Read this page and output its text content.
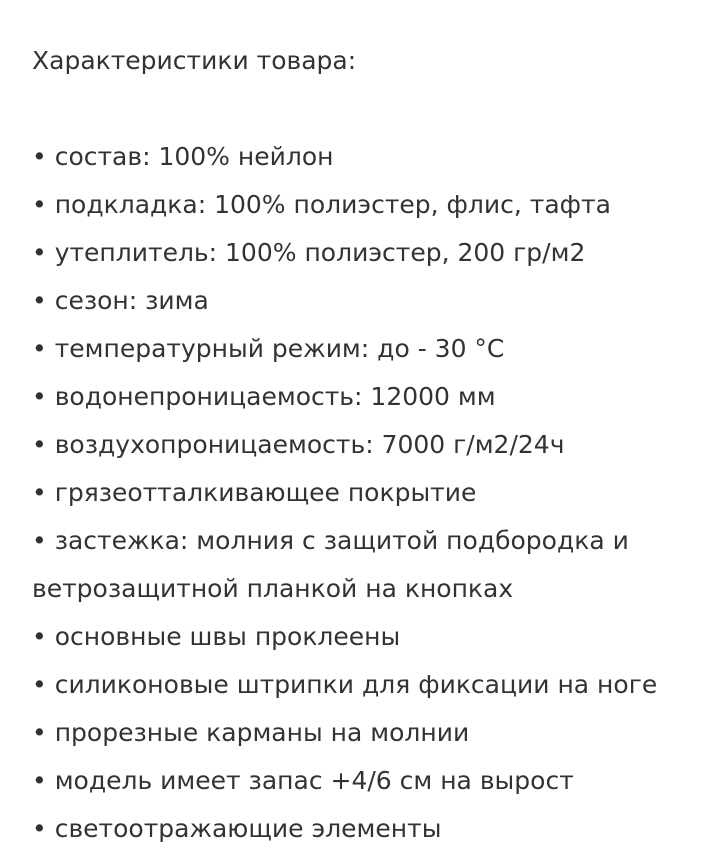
Характеристики товара:
• состав: 100% нейлон
• подкладка: 100% полиэстер, флис, тафта
• утеплитель: 100% полиэстер, 200 гр/м2
• сезон: зима
• температурный режим: до - 30 °С
• водонепроницаемость: 12000 мм
• воздухопроницаемость: 7000 г/м2/24ч
• грязеотталкивающее покрытие
• застежка: молния с защитой подбородка и ветрозащитной планкой на кнопках
• основные швы проклеены
• силиконовые штрипки для фиксации на ноге
• прорезные карманы на молнии
• модель имеет запас +4/6 см на вырост
• светоотражающие элементы
